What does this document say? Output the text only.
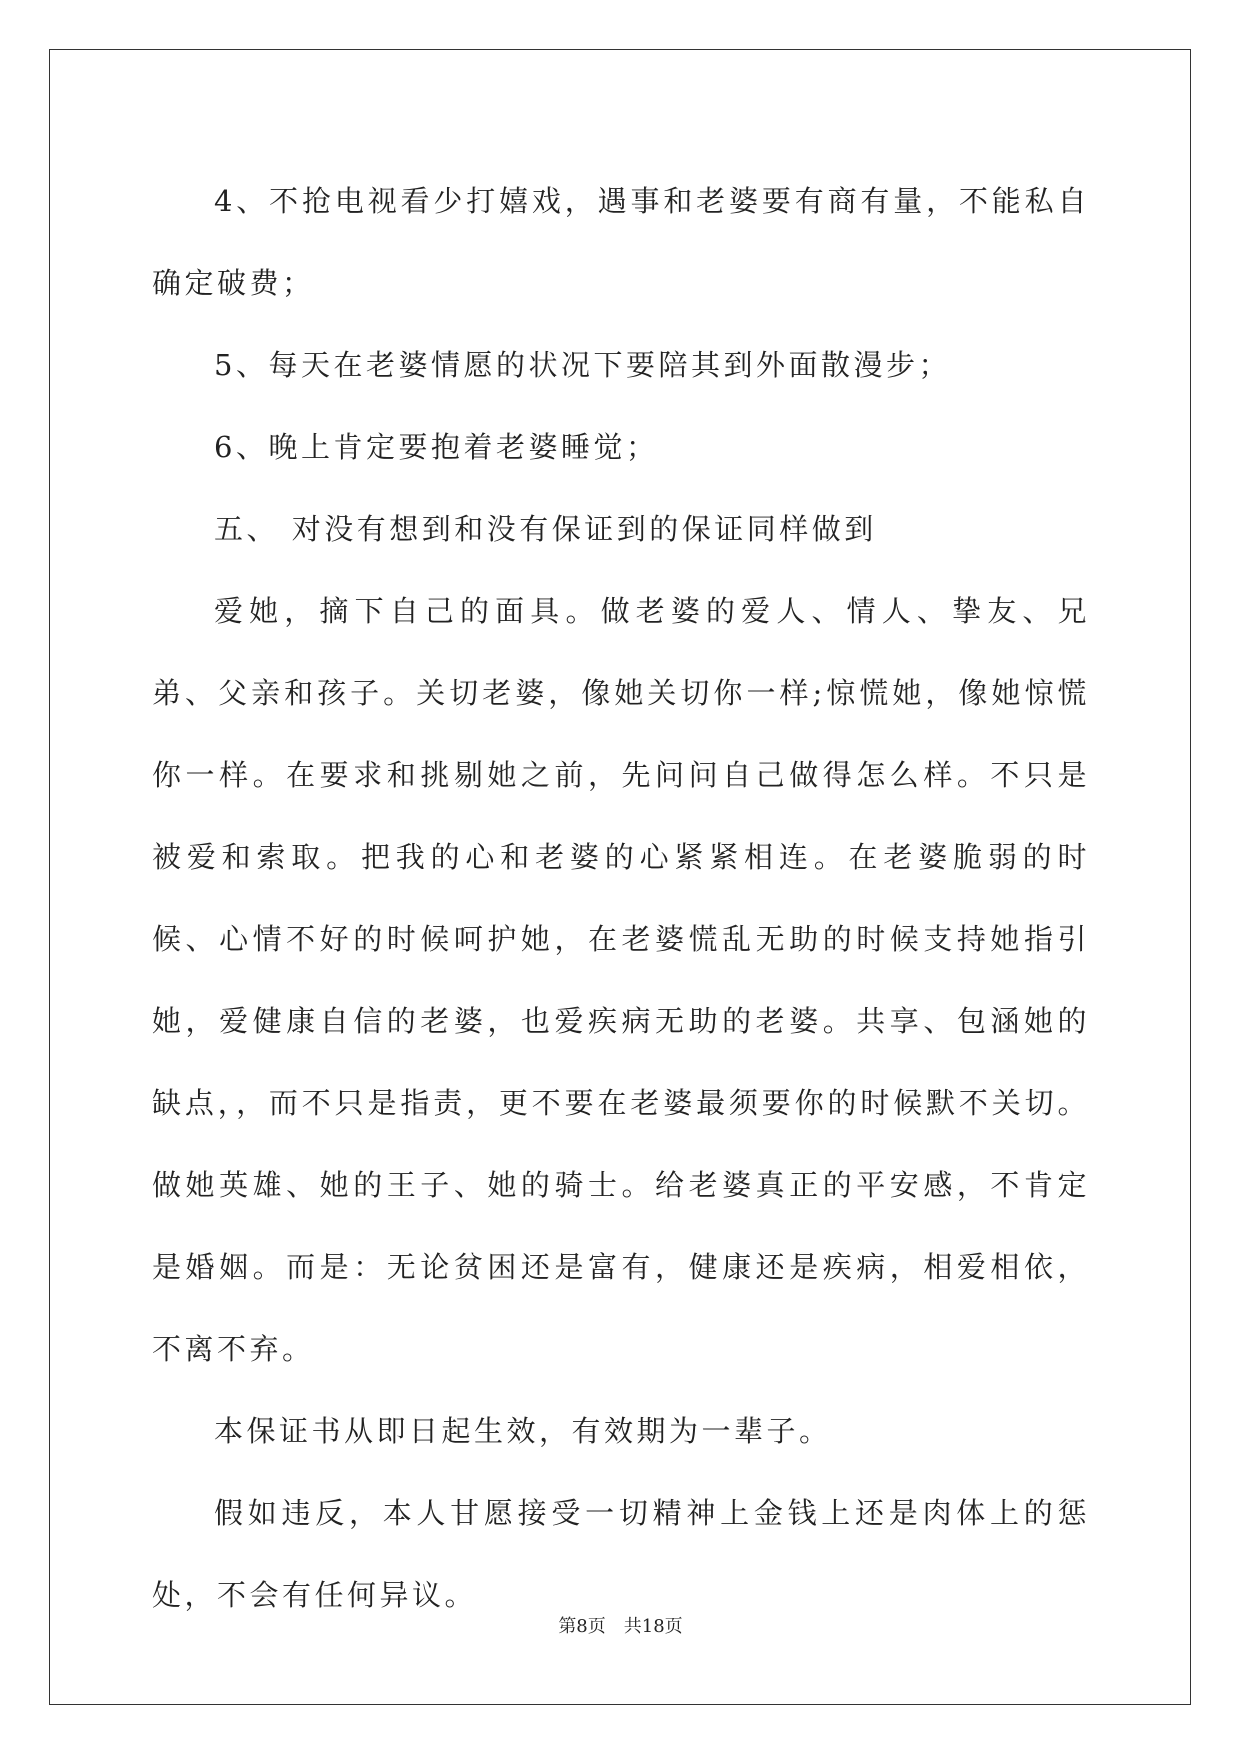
4、不抢电视看少打嬉戏，遇事和老婆要有商有量，不能私自确定破费；

5、每天在老婆情愿的状况下要陪其到外面散漫步；

6、晚上肯定要抱着老婆睡觉；

五、 对没有想到和没有保证到的保证同样做到

爱她，摘下自己的面具。做老婆的爱人、情人、挚友、兄弟、父亲和孩子。关切老婆，像她关切你一样;惊慌她，像她惊慌你一样。在要求和挑剔她之前，先问问自己做得怎么样。不只是被爱和索取。把我的心和老婆的心紧紧相连。在老婆脆弱的时候、心情不好的时候呵护她，在老婆慌乱无助的时候支持她指引她，爱健康自信的老婆，也爱疾病无助的老婆。共享、包涵她的缺点，，而不只是指责，更不要在老婆最须要你的时候默不关切。做她英雄、她的王子、她的骑士。给老婆真正的平安感，不肯定是婚姻。而是：无论贫困还是富有，健康还是疾病，相爱相依，不离不弃。

本保证书从即日起生效，有效期为一辈子。

假如违反，本人甘愿接受一切精神上金钱上还是肉体上的惩处，不会有任何异议。

第8页　共18页
